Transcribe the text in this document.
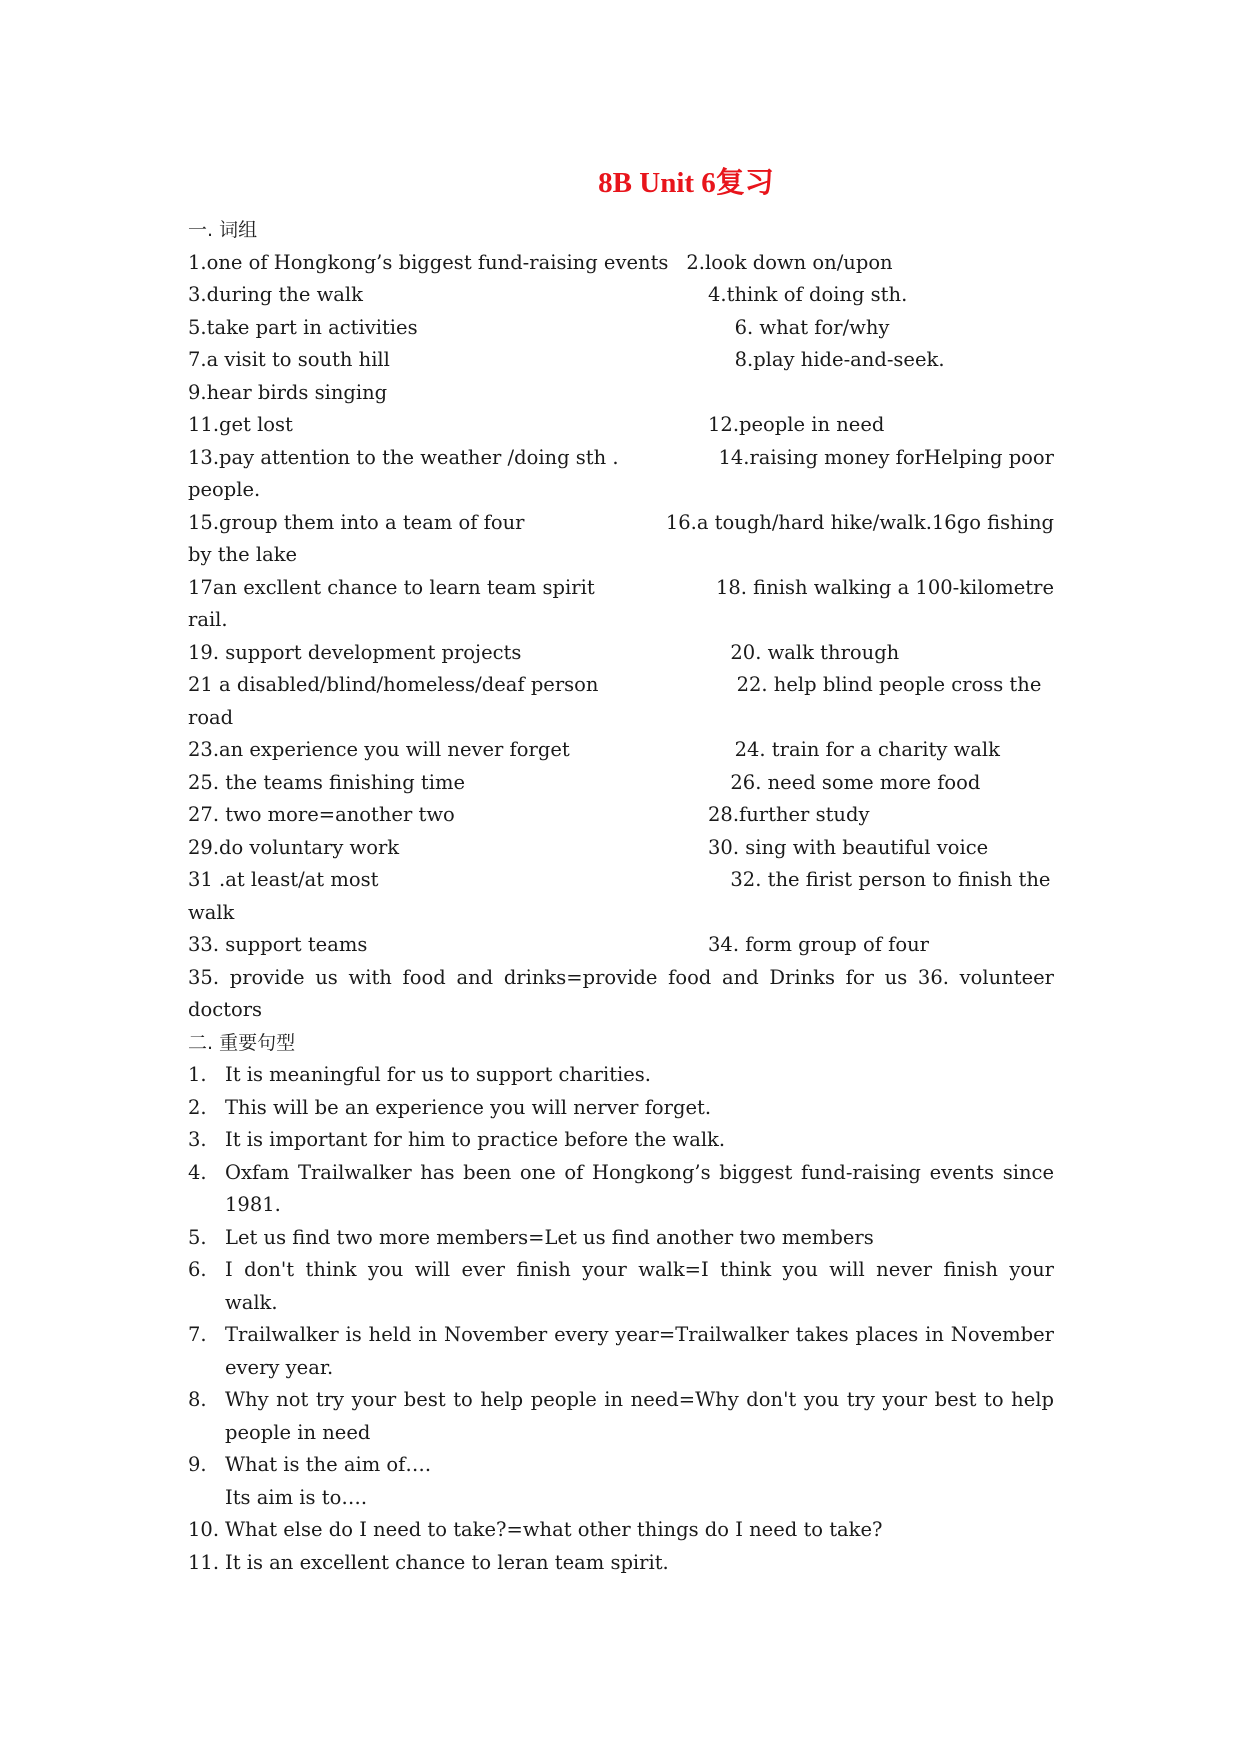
8B Unit 6复习
一. 词组
1.one of Hongkong’s biggest fund-raising events 2.look down on/upon
3.during the walk	4.think of doing sth.
5.take part in activities	6. what for/why
7.a visit to south hill	8.play hide-and-seek.
9.hear birds singing
11.get lost	12.people in need
13.pay attention to the weather /doing sth .	14.raising money forHelping poor
people.
15.group them into a team of four	16.a tough/hard hike/walk.16go fishing
by the lake
17an excllent chance to learn team spirit	18. finish walking a 100-kilometre
rail.
19. support development projects	20. walk through
21 a disabled/blind/homeless/deaf person	22. help blind people cross the
road
23.an experience you will never forget	24. train for a charity walk
25. the teams finishing time	26. need some more food
27. two more=another two	28.further study
29.do voluntary work	30. sing with beautiful voice
31 .at least/at most	32. the firist person to finish the
walk
33. support teams	34. form group of four
35. provide us with food and drinks=provide food and Drinks for us 36. volunteer
doctors
二. 重要句型
1. It is meaningful for us to support charities.
2. This will be an experience you will nerver forget.
3. It is important for him to practice before the walk.
4. Oxfam Trailwalker has been one of Hongkong’s biggest fund-raising events since
1981.
5. Let us find two more members=Let us find another two members
6. I don't think you will ever finish your walk=I think you will never finish your
walk.
7. Trailwalker is held in November every year=Trailwalker takes places in November
every year.
8. Why not try your best to help people in need=Why don't you try your best to help
people in need
9. What is the aim of….
Its aim is to….
10. What else do I need to take?=what other things do I need to take?
11. It is an excellent chance to leran team spirit.
